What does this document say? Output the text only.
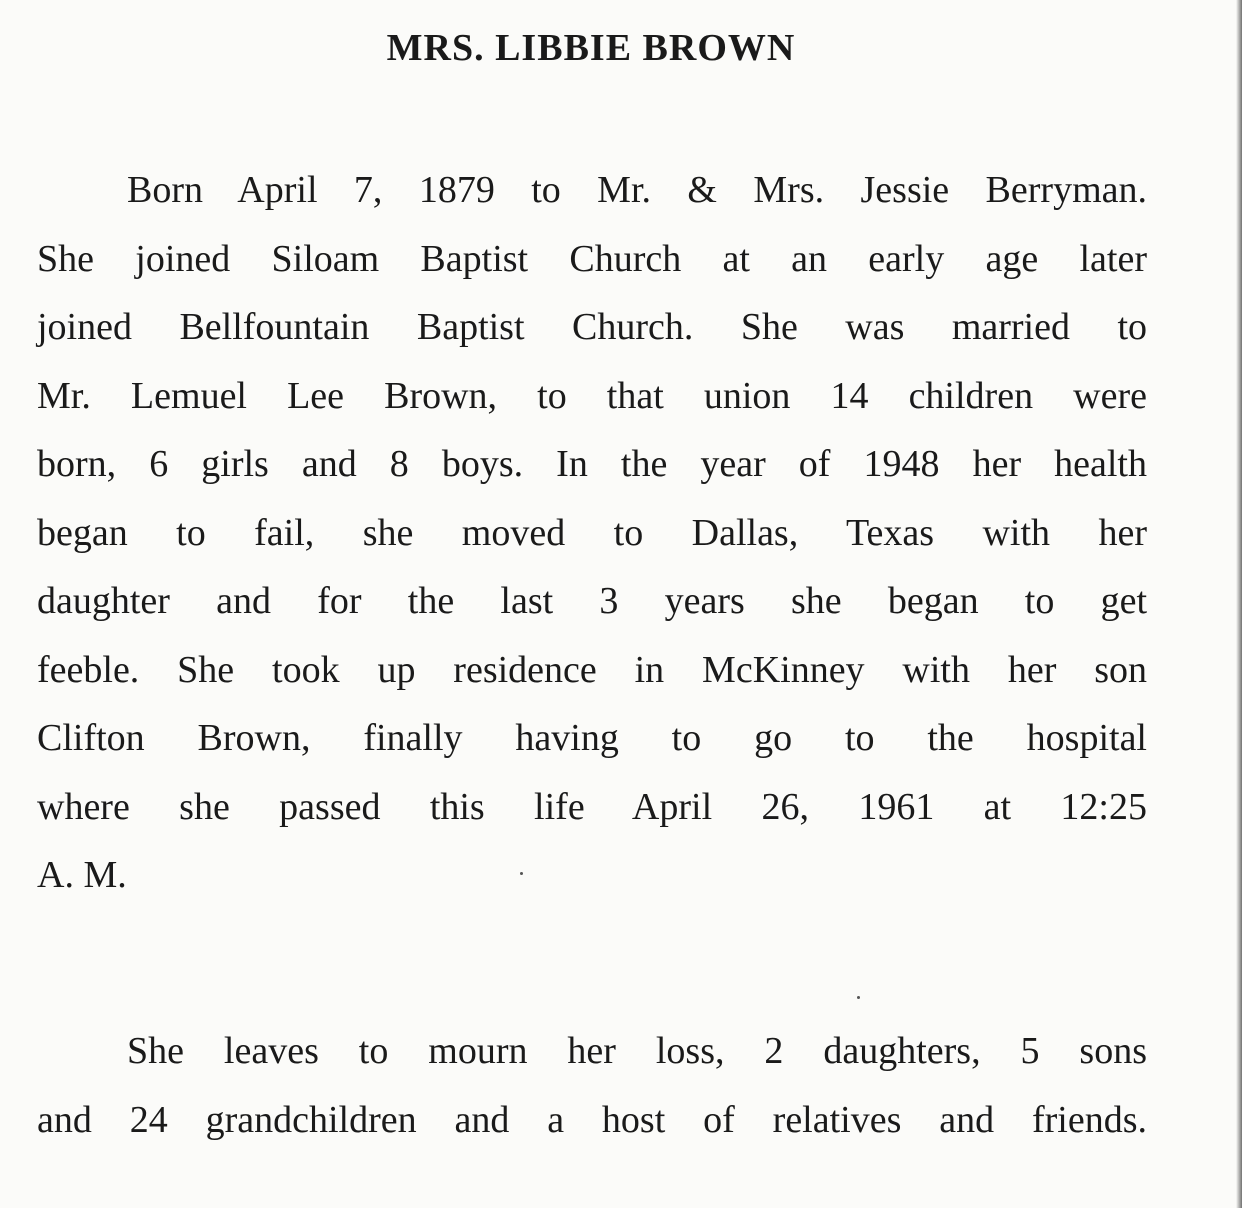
MRS. LIBBIE BROWN
Born April 7, 1879 to Mr. & Mrs. Jessie Berryman.
She joined Siloam Baptist Church at an early age later
joined Bellfountain Baptist Church. She was married to
Mr. Lemuel Lee Brown, to that union 14 children were
born, 6 girls and 8 boys. In the year of 1948 her health
began to fail, she moved to Dallas, Texas with her
daughter and for the last 3 years she began to get
feeble. She took up residence in McKinney with her son
Clifton Brown, finally having to go to the hospital
where she passed this life April 26, 1961 at 12:25
A. M.
She leaves to mourn her loss, 2 daughters, 5 sons
and 24 grandchildren and a host of relatives and friends.
